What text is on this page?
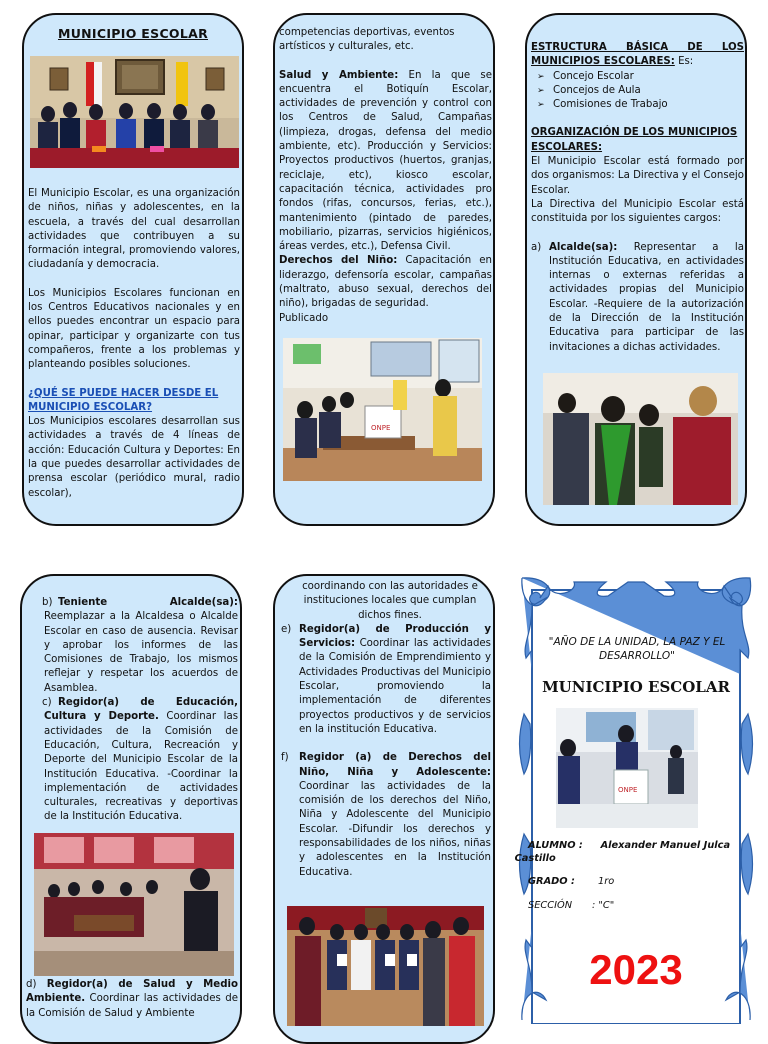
MUNICIPIO ESCOLAR

El Municipio Escolar, es una organización de niños, niñas y adolescentes, en la escuela, a través del cual desarrollan actividades que contribuyen a su formación integral, promoviendo valores, ciudadanía y democracia.

Los Municipios Escolares funcionan en los Centros Educativos nacionales y en ellos puedes encontrar un espacio para opinar, participar y organizarte con tus compañeros, frente a los problemas y planteando posibles soluciones.

¿QUÉ SE PUEDE HACER DESDE EL MUNICIPIO ESCOLAR?

Los Municipios escolares desarrollan sus actividades a través de 4 líneas de acción: Educación Cultura y Deportes: En la que puedes desarrollar actividades de prensa escolar (periódico mural, radio escolar),

competencias deportivas, eventos artísticos y culturales, etc.

Salud y Ambiente: En la que se encuentra el Botiquín Escolar, actividades de prevención y control con los Centros de Salud, Campañas (limpieza, drogas, defensa del medio ambiente, etc). Producción y Servicios: Proyectos productivos (huertos, granjas, reciclaje, etc), kiosco escolar, capacitación técnica, actividades pro fondos (rifas, concursos, ferias, etc.), mantenimiento (pintado de paredes, mobiliario, pizarras, servicios higiénicos, áreas verdes, etc.), Defensa Civil.

Derechos del Niño: Capacitación en liderazgo, defensoría escolar, campañas (maltrato, abuso sexual, derechos del niño), brigadas de seguridad.

Publicado

ONPE

ESTRUCTURA BÁSICA DE LOS MUNICIPIOS ESCOLARES: Es:

➢ Concejo Escolar
➢ Concejos de Aula
➢ Comisiones de Trabajo

ORGANIZACIÓN DE LOS MUNICIPIOS ESCOLARES:

El Municipio Escolar está formado por dos organismos: La Directiva y el Consejo Escolar.

La Directiva del Municipio Escolar está constituida por los siguientes cargos:

a) Alcalde(sa): Representar a la Institución Educativa, en actividades internas o externas referidas a actividades propias del Municipio Escolar. -Requiere de la autorización de la Dirección de la Institución Educativa para participar de las invitaciones a dichas actividades.
b) Teniente Alcalde(sa): Reemplazar a la Alcaldesa o Alcalde Escolar en caso de ausencia. Revisar y aprobar los informes de las Comisiones de Trabajo, los mismos reflejar y respetar los acuerdos de Asamblea.
c) Regidor(a) de Educación, Cultura y Deporte. Coordinar las actividades de la Comisión de Educación, Cultura, Recreación y Deporte del Municipio Escolar de la Institución Educativa. -Coordinar la implementación de actividades culturales, recreativas y deportivas de la Institución Educativa.
d) Regidor(a) de Salud y Medio Ambiente. Coordinar las actividades de la Comisión de Salud y Ambiente

coordinando con las autoridades e instituciones locales que cumplan dichos fines.

e) Regidor(a) de Producción y Servicios: Coordinar las actividades de la Comisión de Emprendimiento y Actividades Productivas del Municipio Escolar, promoviendo la implementación de diferentes proyectos productivos y de servicios en la institución Educativa.

f) Regidor (a) de Derechos del Niño, Niña y Adolescente: Coordinar las actividades de la comisión de los derechos del Niño, Niña y Adolescente del Municipio Escolar. -Difundir los derechos y responsabilidades de los niños, niñas y adolescentes en la Institución Educativa.
"AÑO DE LA UNIDAD, LA PAZ Y EL DESARROLLO"
MUNICIPIO ESCOLAR
ONPE
ALUMNO :	Alexander Manuel Julca Castillo
GRADO :	1ro
SECCIÓN	: "C"
2023
